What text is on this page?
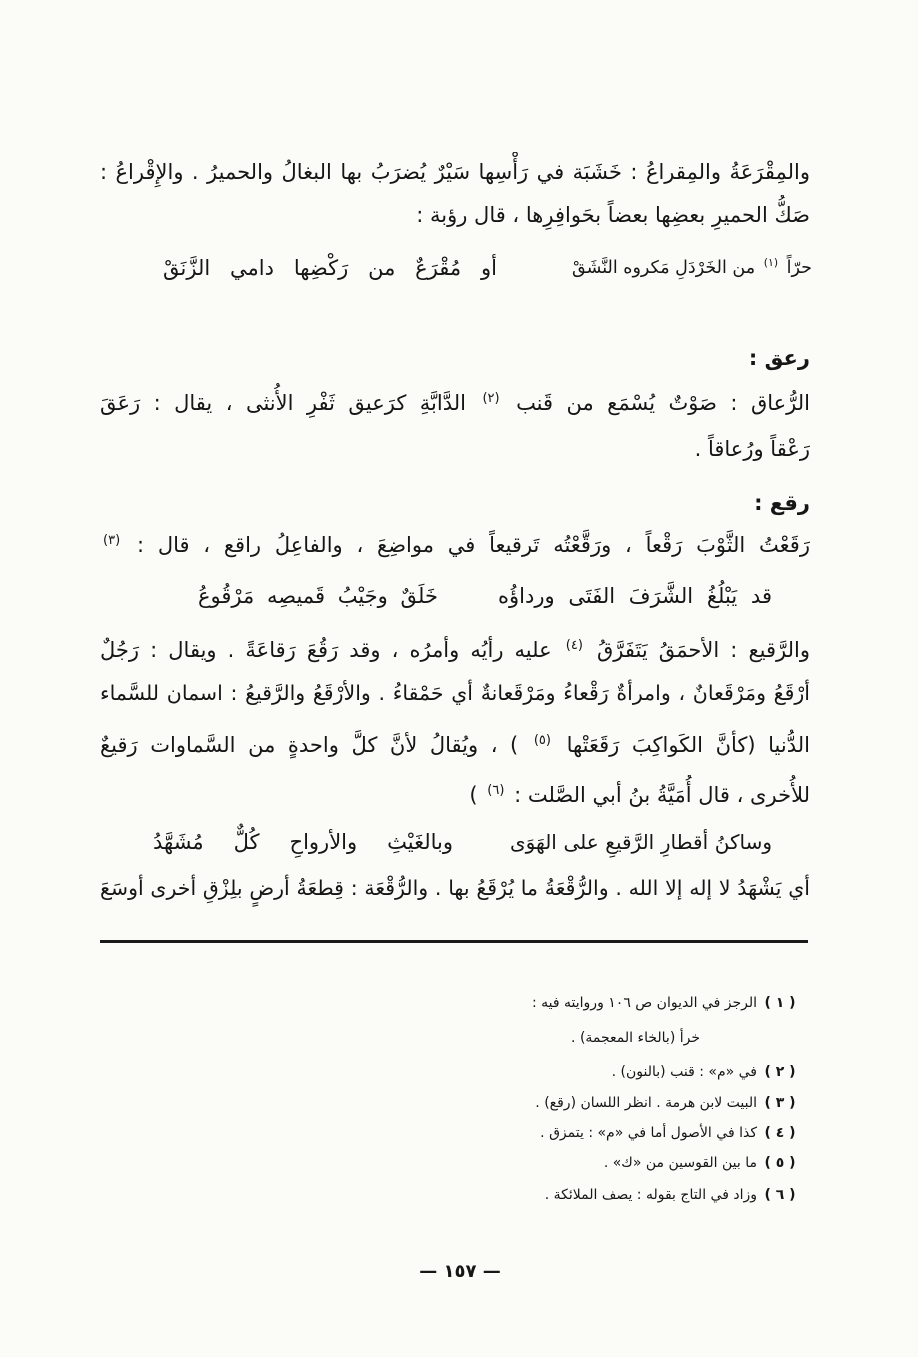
والمِقْرَعَةُ والمِقراعُ : خَشَبَة في رَأْسِها سَيْرٌ يُضرَبُ بها البغالُ والحميرُ . والإِقْراعُ :
صَكُّ الحميرِ بعضِها بعضاً بحَوافِرِها ، قال رؤبة :
حرّاً $^{(١)}$ من الخَرْدَلِ مَكروه النَّشَقْ
أو مُقْرَعٌ من رَكْضِها دامي الزَّنَقْ
رعق :
الرُّعاق : صَوْتٌ يُسْمَع من قَنب $^{(٢)}$ الدَّابَّةِ كرَعيق ثَفْرِ الأُنثى ، يقال : رَعَقَ
رَعْقاً ورُعاقاً .
رقع :
رَقَعْتُ الثَّوْبَ رَقْعاً ، ورَقَّعْتُه تَرقيعاً في مواضِعَ ، والفاعِلُ راقع ، قال : $^{(٣)}$
قد يَبْلُغُ الشَّرَفَ الفَتَى ورداؤُه
خَلَقٌ وجَيْبُ قَميصِه مَرْقُوعُ
والرَّقيع : الأحمَقُ يَتَفَرَّقُ $^{(٤)}$ عليه رأيُه وأمرُه ، وقد رَقُعَ رَقاعَةً . ويقال : رَجُلٌ
أرْقَعُ ومَرْقَعانٌ ، وامرأةٌ رَقْعاءُ ومَرْقَعانةٌ أي حَمْقاءُ . والأرْقَعُ والرَّقيعُ : اسمان للسَّماء
الدُّنيا (كأنَّ الكَواكِبَ رَقَعَتْها $^{(٥)}$ ) ، ويُقالُ لأنَّ كلَّ واحدةٍ من السَّماوات رَقيعٌ
للأُخرى ، قال أُمَيَّةُ بنُ أبي الصَّلت : $^{(٦)}$ )
وساكنُ أقطارِ الرَّقيعِ على الهَوَى
وبالغَيْثِ والأرواحِ كُلٌّ مُشَهَّدُ
أي يَشْهَدُ لا إله إلا الله . والرُّقْعَةُ ما يُرْقَعُ بها . والرُّقْعَة : قِطعَةُ أرضٍ بلِزْقِ أخرى أوسَعَ
( ١ )
الرجز في الديوان ص ١٠٦ وروايته فيه :
خرأ (بالخاء المعجمة) .
( ٢ )
في «م» : قنب (بالنون) .
( ٣ )
البيت لابن هرمة . انظر اللسان (رقع) .
( ٤ )
كذا في الأصول أما في «م» : يتمزق .
( ٥ )
ما بين القوسين من «ك» .
( ٦ )
وزاد في التاج بقوله : يصف الملائكة .
— ١٥٧ —
